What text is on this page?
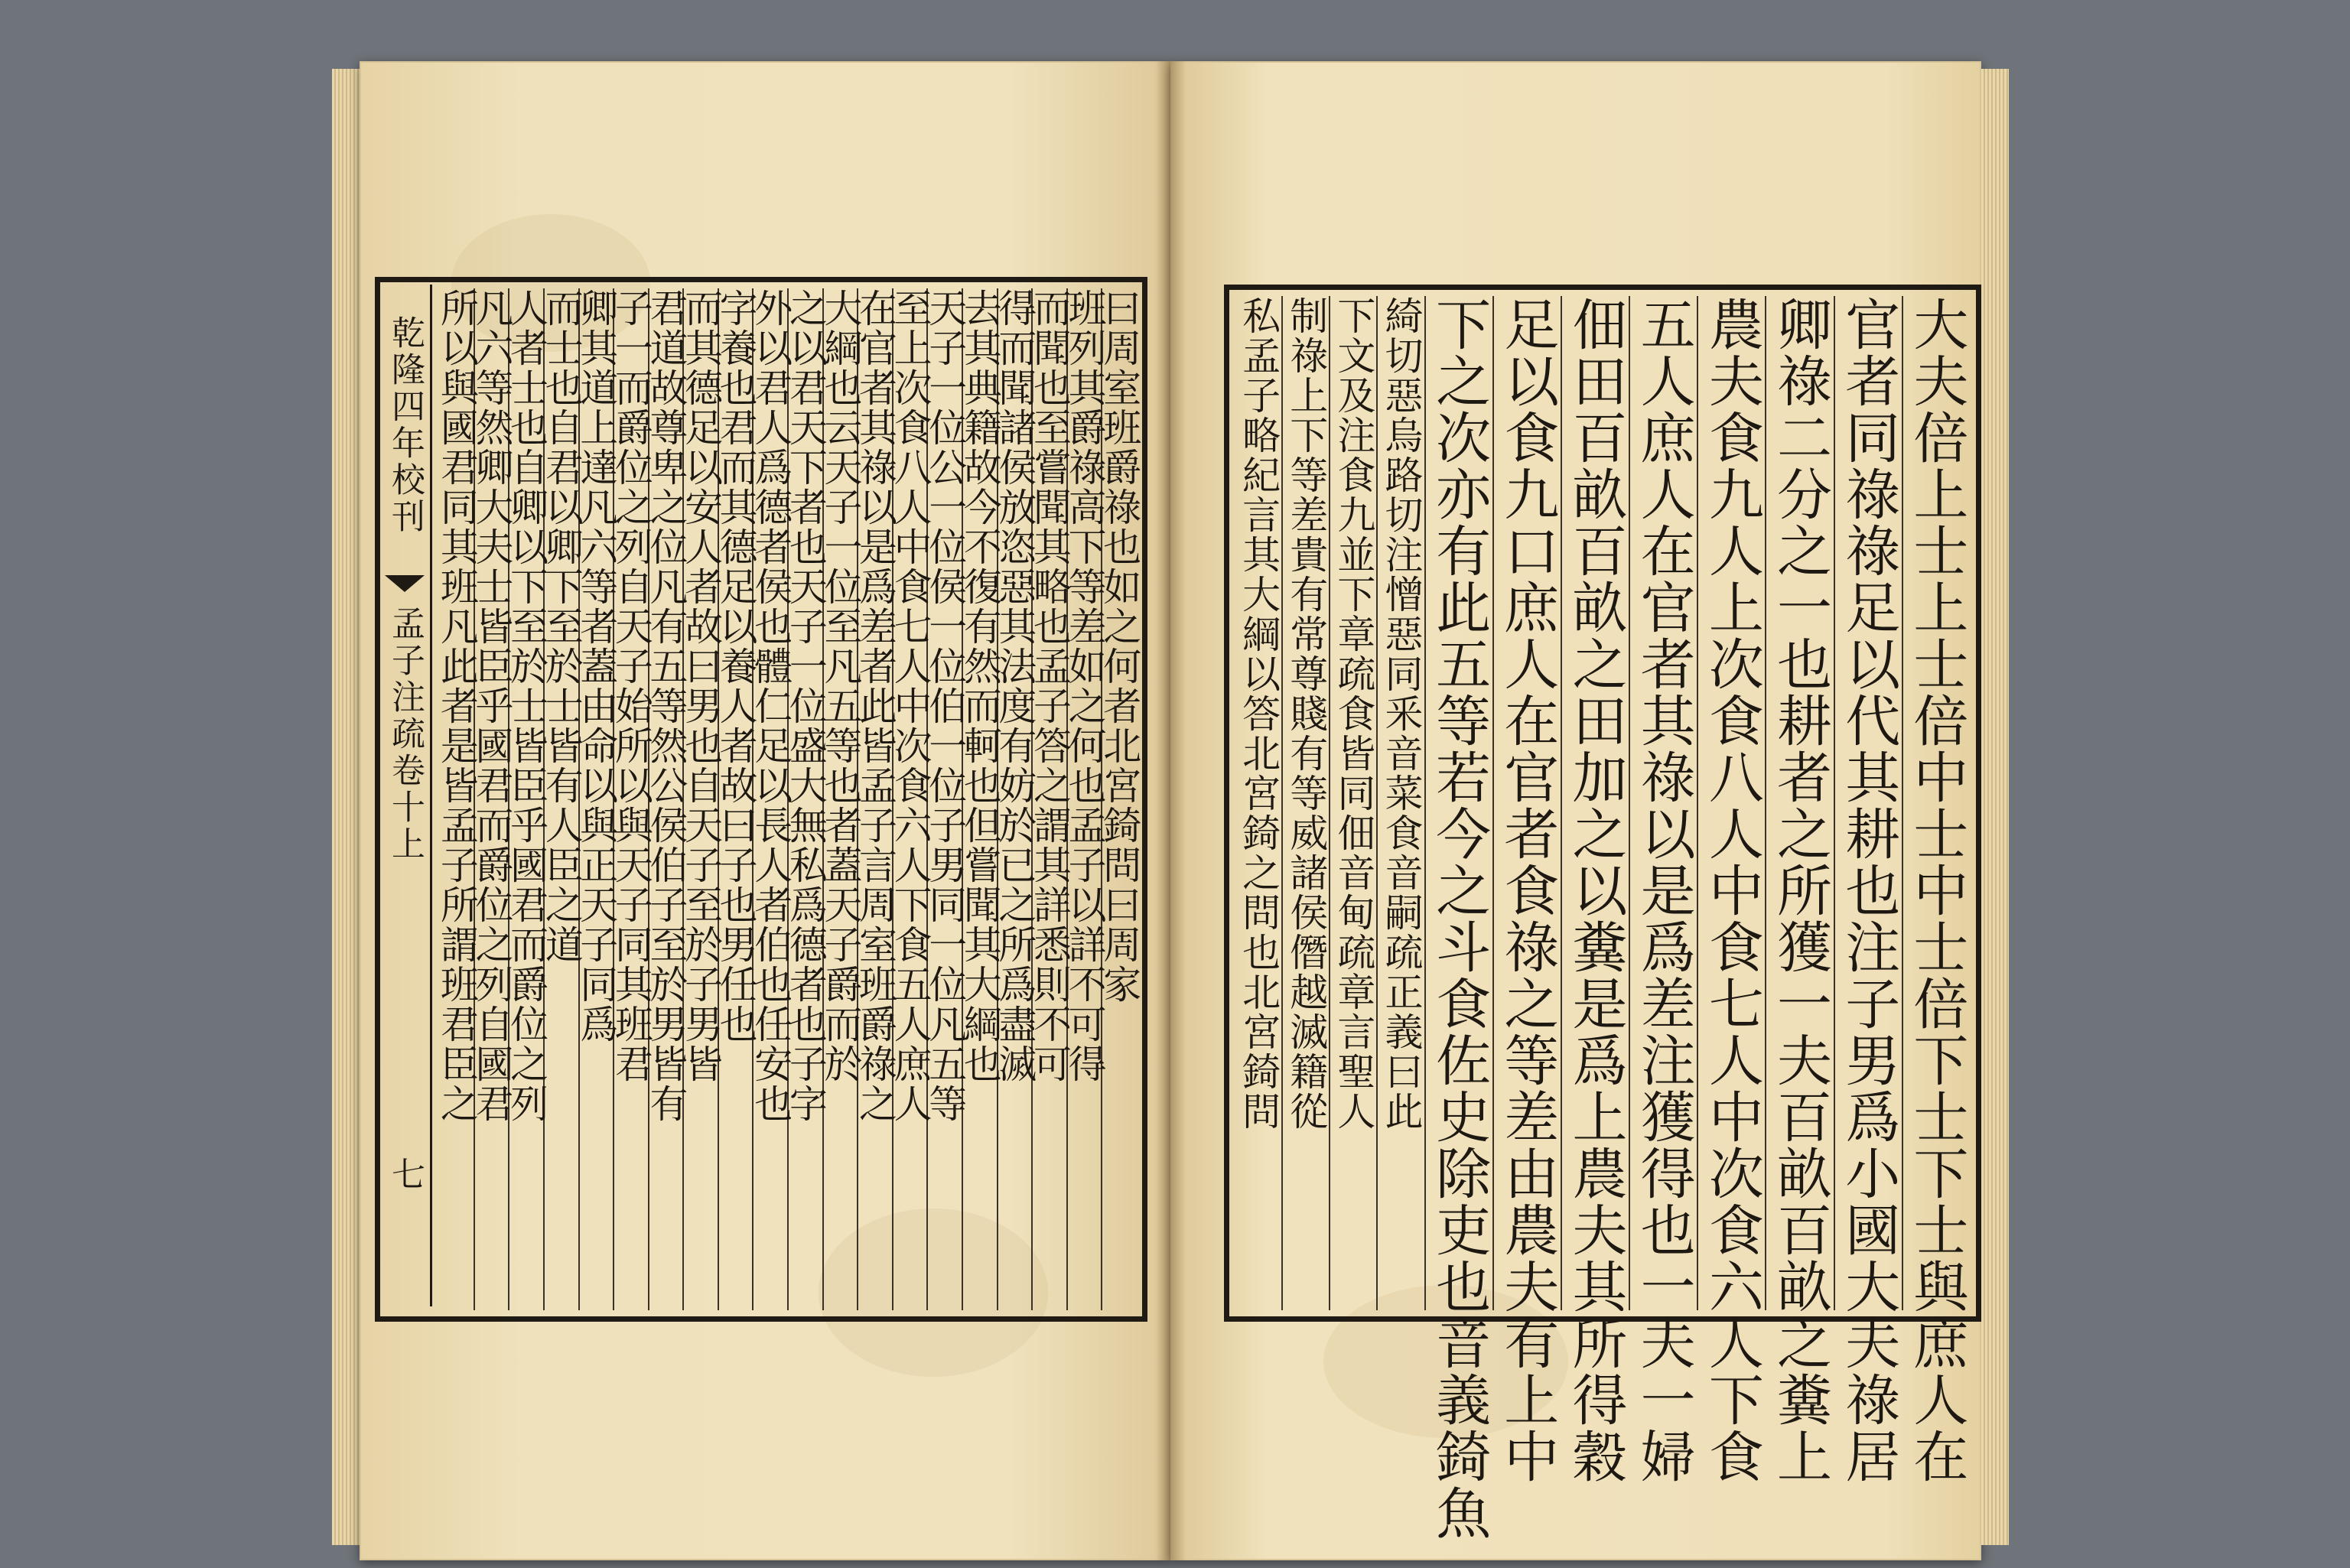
曰周室班爵祿也如之何者北宮錡問曰周家
班列其爵祿高下等差如之何也孟子以詳不可得
而聞也至嘗聞其略也孟子答之謂其詳悉則不可
得而聞諸侯放恣惡其法度有妨於已之所爲盡滅
去其典籍故今不復有然而軻也但嘗聞其大綱也
天子一位公一位侯一位伯一位子男同一位凡五等
至上次食八人中食七人中次食六人下食五人庶人
在官者其祿以是爲差者此皆孟子言周室班爵祿之
大綱也云天子一位至凡五等也者蓋天子爵而於
之以君天下者也天子一位盛大無私爲德者也子字
外以君人爲德者侯也體仁足以長人者伯也任安也
字養也君而其德足以養人者故曰子也男任也
而其德足以安人者故曰男也自天子至於子男皆
君道故尊卑之位凡有五等然公侯伯子至於男皆有
子一而爵位之列自天子始所以與天子同其班君
卿其道上達凡六等者蓋由命以與正天子同爲
而士也自君以卿下至於士皆有人臣之道
人者士也自卿以下至於士皆臣乎國君而爵位之列
凡六等然卿大夫士皆臣乎國君而爵位之列自國君
所以與國君同其班凡此者是皆孟子所謂班君臣之	大夫倍上士上士倍中士中士倍下士下士與庶人在
官者同祿祿足以代其耕也注子男爲小國大夫祿居
卿祿二分之一也耕者之所獲一夫百畝百畝之糞上
農夫食九人上次食八人中食七人中次食六人下食
五人庶人在官者其祿以是爲差注獲得也一夫一婦
佃田百畝百畝之田加之以糞是爲上農夫其所得穀
足以食九口庶人在官者食祿之等差由農夫有上中
下之次亦有此五等若今之斗食佐史除吏也音義錡魚
綺切惡烏路切注憎惡同釆音菜食音嗣疏正義曰此
下文及注食九並下章疏食皆同佃音甸疏章言聖人
制祿上下等差貴有常尊賤有等威諸侯僭越滅籍從
私孟子略紀言其大綱以答北宮錡之問也北宮錡問
乾隆四年校刊
孟子注疏卷十上
七
